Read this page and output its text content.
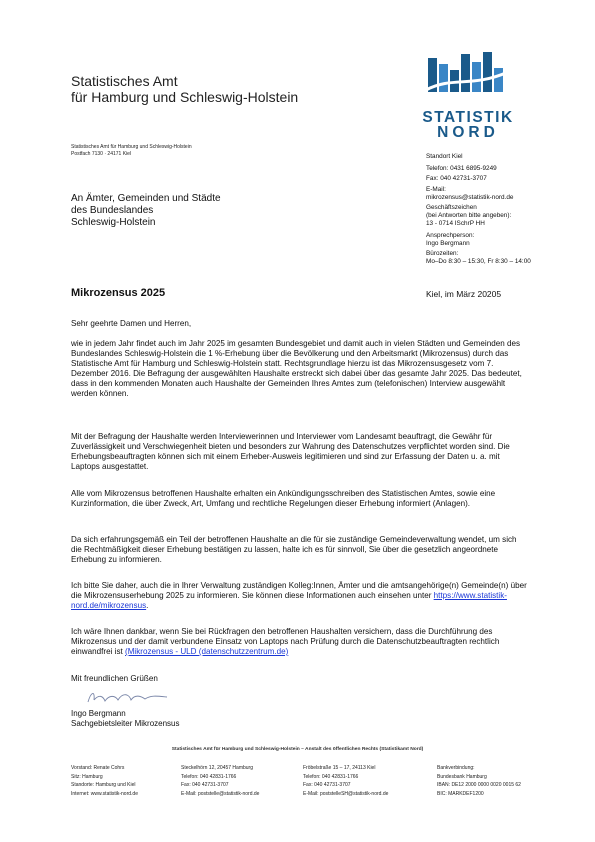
Statistisches Amt
für Hamburg und Schleswig-Holstein
STATISTIK
NORD
Statistisches Amt für Hamburg und Schleswig-Holstein
Postfach 7130 · 24171 Kiel
An Ämter, Gemeinden und Städte
des Bundeslandes
Schleswig-Holstein
Standort Kiel
Telefon: 0431 6895-9249
Fax: 040 42731-3707
E-Mail:
mikrozensus@statistik-nord.de
Geschäftszeichen
(bei Antworten bitte angeben):
13 - 0714 ISchrP HH
Ansprechperson:
Ingo Bergmann
Bürozeiten:
Mo–Do 8:30 – 15:30, Fr 8:30 – 14:00
Mikrozensus 2025	Kiel, im März 20205
Sehr geehrte Damen und Herren,
wie in jedem Jahr findet auch im Jahr 2025 im gesamten Bundesgebiet und damit auch in vielen Städten und Gemeinden des Bundeslandes Schleswig-Holstein die 1 %-Erhebung über die Bevölkerung und den Arbeitsmarkt (Mikrozensus) durch das Statistische Amt für Hamburg und Schleswig-Holstein statt. Rechtsgrundlage hierzu ist das Mikrozensusgesetz vom 7. Dezember 2016. Die Befragung der ausgewählten Haushalte erstreckt sich dabei über das gesamte Jahr 2025. Das bedeutet, dass in den kommenden Monaten auch Haushalte der Gemeinden Ihres Amtes zum (telefonischen) Interview ausgewählt werden können.
Mit der Befragung der Haushalte werden Interviewerinnen und Interviewer vom Landesamt beauftragt, die Gewähr für Zuverlässigkeit und Verschwiegenheit bieten und besonders zur Wahrung des Datenschutzes verpflichtet worden sind. Die Erhebungsbeauftragten können sich mit einem Erheber-Ausweis legitimieren und sind zur Erfassung der Daten u. a. mit Laptops ausgestattet.
Alle vom Mikrozensus betroffenen Haushalte erhalten ein Ankündigungsschreiben des Statistischen Amtes, sowie eine Kurzinformation, die über Zweck, Art, Umfang und rechtliche Regelungen dieser Erhebung informiert (Anlagen).
Da sich erfahrungsgemäß ein Teil der betroffenen Haushalte an die für sie zuständige Gemeindeverwaltung wendet, um sich die Rechtmäßigkeit dieser Erhebung bestätigen zu lassen, halte ich es für sinnvoll, Sie über die gesetzlich angeordnete Erhebung zu informieren.
Ich bitte Sie daher, auch die in Ihrer Verwaltung zuständigen Kolleg:Innen, Ämter und die amtsangehörige(n) Gemeinde(n) über die Mikrozensuserhebung 2025 zu informieren. Sie können diese Informationen auch einsehen unter https://www.statistik-nord.de/mikrozensus.
Ich wäre Ihnen dankbar, wenn Sie bei Rückfragen den betroffenen Haushalten versichern, dass die Durchführung des Mikrozensus und der damit verbundene Einsatz von Laptops nach Prüfung durch die Datenschutzbeauftragten rechtlich einwandfrei ist (Mikrozensus - ULD (datenschutzzentrum.de)
Mit freundlichen Grüßen
Ingo Bergmann
Sachgebietsleiter Mikrozensus
Statistisches Amt für Hamburg und Schleswig-Holstein – Anstalt des öffentlichen Rechts (Statistikamt Nord)
Vorstand: Renate Cohrs
Sitz: Hamburg
Standorte: Hamburg und Kiel
Internet: www.statistik-nord.de
Steckelhörn 12, 20457 Hamburg
Telefon: 040 42831-1766
Fax: 040 42731-3707
E-Mail: poststelle@statistik-nord.de
Fröbelstraße 15 – 17, 24113 Kiel
Telefon: 040 42831-1766
Fax: 040 42731-3707
E-Mail: poststelleSH@statistik-nord.de
Bankverbindung:
Bundesbank Hamburg
IBAN: DE12 2000 0000 0020 0015 62
BIC: MARKDEF1200
